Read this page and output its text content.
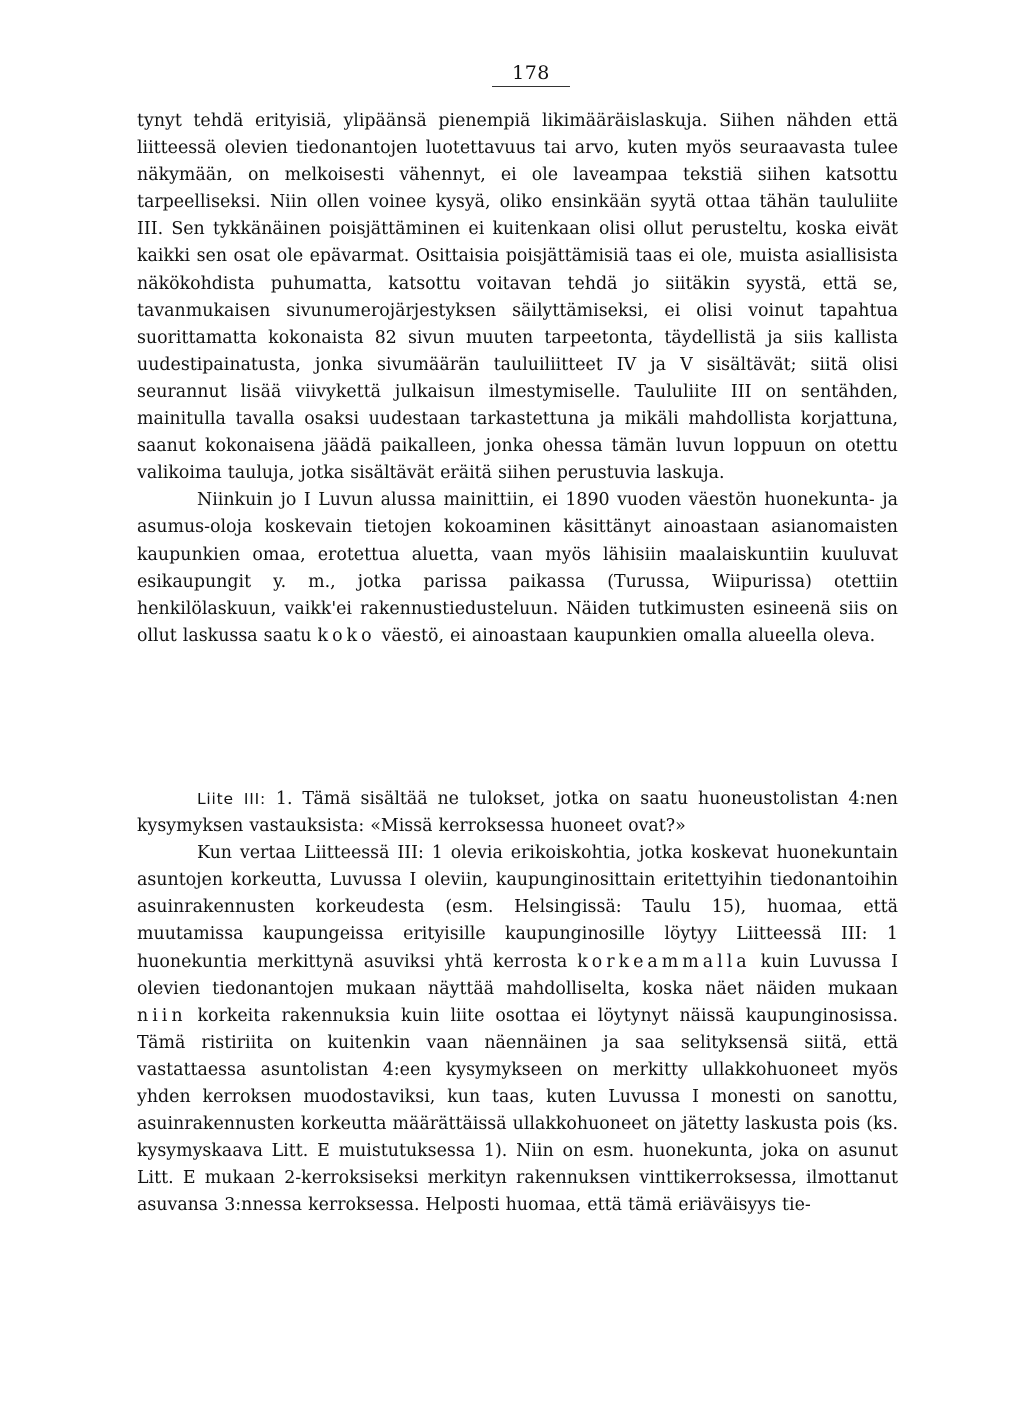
178

tynyt tehdä erityisiä, ylipäänsä pienempiä likimääräislaskuja. Siihen nähden että liitteessä olevien tiedonantojen luotettavuus tai arvo, kuten myös seuraavasta tulee näkymään, on melkoisesti vähennyt, ei ole laveampaa tekstiä siihen katsottu tarpeelliseksi. Niin ollen voinee kysyä, oliko ensinkään syytä ottaa tähän taululiite III. Sen tykkänäinen poisjättäminen ei kuitenkaan olisi ollut perusteltu, koska eivät kaikki sen osat ole epävarmat. Osittaisia poisjättämisiä taas ei ole, muista asiallisista näkökohdista puhumatta, katsottu voitavan tehdä jo siitäkin syystä, että se, tavanmukaisen sivunumerojärjestyksen säilyttämiseksi, ei olisi voinut tapahtua suorittamatta kokonaista 82 sivun muuten tarpeetonta, täydellistä ja siis kallista uudestipainatusta, jonka sivumäärän tauluiliitteet IV ja V sisältävät; siitä olisi seurannut lisää viivykettä julkaisun ilmestymiselle. Taululiite III on sentähden, mainitulla tavalla osaksi uudestaan tarkastettuna ja mikäli mahdollista korjattuna, saanut kokonaisena jäädä paikalleen, jonka ohessa tämän luvun loppuun on otettu valikoima tauluja, jotka sisältävät eräitä siihen perustuvia laskuja.

Niinkuin jo I Luvun alussa mainittiin, ei 1890 vuoden väestön huonekunta- ja asumus-oloja koskevain tietojen kokoaminen käsittänyt ainoastaan asianomaisten kaupunkien omaa, erotettua aluetta, vaan myös lähisiin maalaiskuntiin kuuluvat esikaupungit y. m., jotka parissa paikassa (Turussa, Wiipurissa) otettiin henkilölaskuun, vaikk'ei rakennustiedusteluun. Näiden tutkimusten esineenä siis on ollut laskussa saatu koko väestö, ei ainoastaan kaupunkien omalla alueella oleva.

Liite III: 1. Tämä sisältää ne tulokset, jotka on saatu huoneustolistan 4:nen kysymyksen vastauksista: «Missä kerroksessa huoneet ovat?»

Kun vertaa Liitteessä III: 1 olevia erikoiskohtia, jotka koskevat huonekuntain asuntojen korkeutta, Luvussa I oleviin, kaupunginosittain eritettyihin tiedonantoihin asuinrakennusten korkeudesta (esm. Helsingissä: Taulu 15), huomaa, että muutamissa kaupungeissa erityisille kaupunginosille löytyy Liitteessä III: 1 huonekuntia merkittynä asuviksi yhtä kerrosta korkeammalla kuin Luvussa I olevien tiedonantojen mukaan näyttää mahdolliselta, koska näet näiden mukaan niin korkeita rakennuksia kuin liite osottaa ei löytynyt näissä kaupunginosissa. Tämä ristiriita on kuitenkin vaan näennäinen ja saa selityksensä siitä, että vastattaessa asuntolistan 4:een kysymykseen on merkitty ullakkohuoneet myös yhden kerroksen muodostaviksi, kun taas, kuten Luvussa I monesti on sanottu, asuinrakennusten korkeutta määrättäissä ullakkohuoneet on jätetty laskusta pois (ks. kysymyskaava Litt. E muistutuksessa 1). Niin on esm. huonekunta, joka on asunut Litt. E mukaan 2-kerroksiseksi merkityn rakennuksen vinttikerroksessa, ilmottanut asuvansa 3:nnessa kerroksessa. Helposti huomaa, että tämä eriäväisyys tie-
